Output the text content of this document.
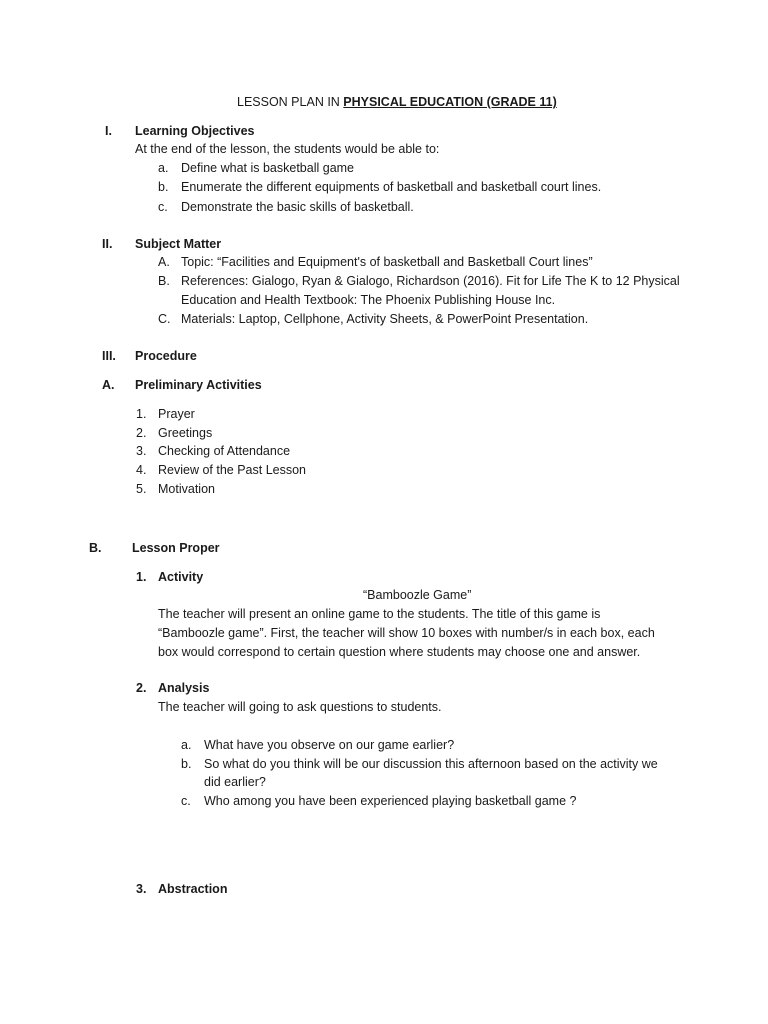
LESSON PLAN IN PHYSICAL EDUCATION (GRADE 11)
I. Learning Objectives
At the end of the lesson, the students would be able to:
a. Define what is basketball game
b. Enumerate the different equipments of basketball and basketball court lines.
c. Demonstrate the basic skills of basketball.
II. Subject Matter
A. Topic: “Facilities and Equipment's of basketball and Basketball Court lines”
B. References: Gialogo, Ryan & Gialogo, Richardson (2016). Fit for Life The K to 12 Physical
Education and Health Textbook: The Phoenix Publishing House Inc.
C. Materials: Laptop, Cellphone, Activity Sheets, & PowerPoint Presentation.
III. Procedure
A. Preliminary Activities
1. Prayer
2. Greetings
3. Checking of Attendance
4. Review of the Past Lesson
5. Motivation
B. Lesson Proper
1. Activity
“Bamboozle Game”
The teacher will present an online game to the students. The title of this game is
“Bamboozle game”. First, the teacher will show 10 boxes with number/s in each box, each
box would correspond to certain question where students may choose one and answer.
2. Analysis
The teacher will going to ask questions to students.
a. What have you observe on our game earlier?
b. So what do you think will be our discussion this afternoon based on the activity we
did earlier?
c. Who among you have been experienced playing basketball game ?
3. Abstraction
